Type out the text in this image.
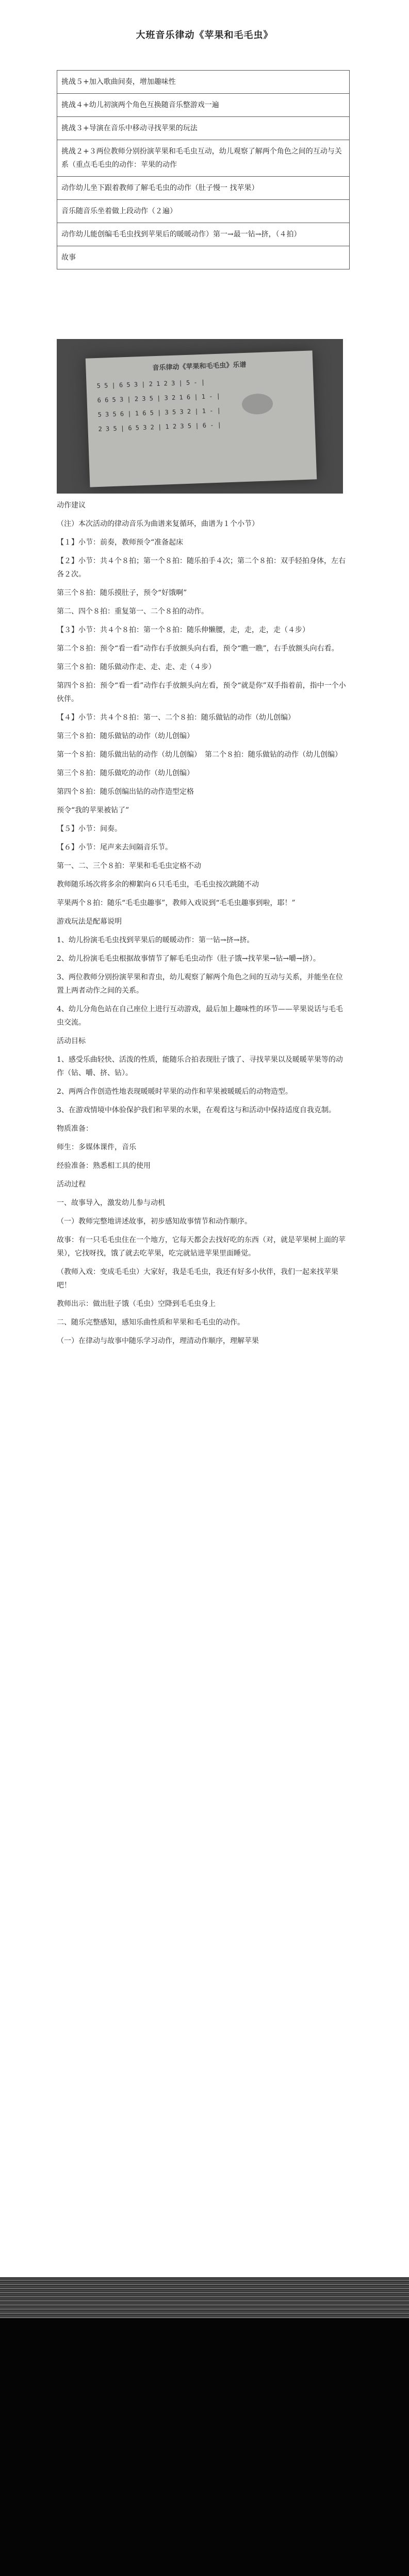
大班音乐律动《苹果和毛毛虫》
挑战５+加入歌曲间奏，增加趣味性
挑战４+幼儿初演两个角色互换随音乐整游戏一遍
挑战３+导演在音乐中移动寻找苹果的玩法
挑战２+３两位教师分别扮演苹果和毛毛虫互动，幼儿观察了解两个角色之间的互动与关系（重点毛毛虫的动作：苹果的动作
动作幼儿坐下跟着教师了解毛毛虫的动作（肚子慢一 找苹果）
音乐随音乐坐着做上段动作（２遍）
动作幼儿能创编毛毛虫找到苹果后的暖暖动作）第一→最一钻→挤，（４拍）
故事
音乐律动《苹果和毛毛虫》乐谱
5 5 | 6 5 3 | 2 1 2 3 | 5 - |
6 6 5 3 | 2 3 5 | 3 2 1 6 | 1 - |
5 3 5 6 | 1 6 5 | 3 5 3 2 | 1 - |
2 3 5 | 6 5 3 2 | 1 2 3 5 | 6 - |

动作建议

（注）本次活动的律动音乐为曲谱来复循环，曲谱为１个小节）

【１】小节：前奏，教师预令“准备起床

【２】小节：共４个８拍；第一个８拍：随乐拍手４次；第二个８拍：双手轻拍身体，左右各２次。

第三个８拍：随乐摸肚子，预令“好饿啊”

第二、四个８拍：重复第一、二个８拍的动作。

【３】小节：共４个８拍：第一个８拍：随乐伸懒腰，走，走，走，走（４步）

第二个８拍：预令“看一看”动作右手放额头向右看，预令“瞧一瞧”，右手放额头向右看。

第三个８拍：随乐做动作走、走、走、走（４步）

第四个８拍：预令“看一看”动作右手放额头向左看，预令“就是你”双手指着前，指中一个小伙伴。

【４】小节：共４个８拍：第一、二个８拍：随乐做钻的动作（幼儿创编）

第三个８拍：随乐做钻的动作（幼儿创编）

第一个８拍：随乐做出钻的动作（幼儿创编）　第二个８拍：随乐做钻的动作（幼儿创编）

第三个８拍：随乐做吃的动作（幼儿创编）

第四个８拍：随乐创编出钻的动作造型定格

预令“我的苹果被钻了”

【５】小节：间奏。

【６】小节：尾声来去间隔音乐节。

第一、二、三个８拍：苹果和毛毛虫定格不动

教师随乐场次将多余的柳絮向６只毛毛虫，毛毛虫按次跳随不动

苹果两个８拍：随乐“毛毛虫趣事”，教师入戏说到“毛毛虫趣事到啦，耶！”

游戏玩法是配幕说明

1、幼儿扮演毛毛虫找到苹果后的暖暖动作：第一钻→挤→挤。

2、幼儿扮演毛毛虫根据故事情节了解毛毛虫动作（肚子饿→找苹果→钻→嚼→挤）。

3、两位教师分别扮演苹果和青虫，幼儿观察了解两个角色之间的互动与关系，并能坐在位置上两者动作之间的关系。

4、幼儿分角色站在自己座位上进行互动游戏，最后加上趣味性的环节——苹果说话与毛毛虫交流。

活动目标

1、感受乐曲轻快、活泼的性质，能随乐合拍表现肚子饿了、寻找苹果以及暖暖苹果等的动作（钻、嚼、挤、钻）。

2、两两合作创造性地表现暖暖时苹果的动作和苹果被暖暖后的动物造型。

3、在游戏情境中体验保护我们和苹果的水果，在观看这与和活动中保持适度自我克制。

物质准备：

师生：多媒体课件，音乐

经验准备：熟悉相工具的使用

活动过程

一、故事导入，激发幼儿参与动机

（一）教师完整地讲述故事，初步感知故事情节和动作顺序。

故事：有一只毛毛虫住在一个地方，它每天都会去找好吃的东西（对，就是苹果树上面的苹果），它找呀找，饿了就去吃苹果，吃完就钻进苹果里面睡觉。

（教师入戏：变成毛毛虫）大家好，我是毛毛虫，我还有好多小伙伴，我们一起来找苹果吧！

教师出示：做出肚子饿（毛虫）空降到毛毛虫身上

二、随乐完整感知，感知乐曲性质和苹果和毛毛虫的动作。

（一）在律动与故事中随乐学习动作，理清动作顺序，理解苹果
